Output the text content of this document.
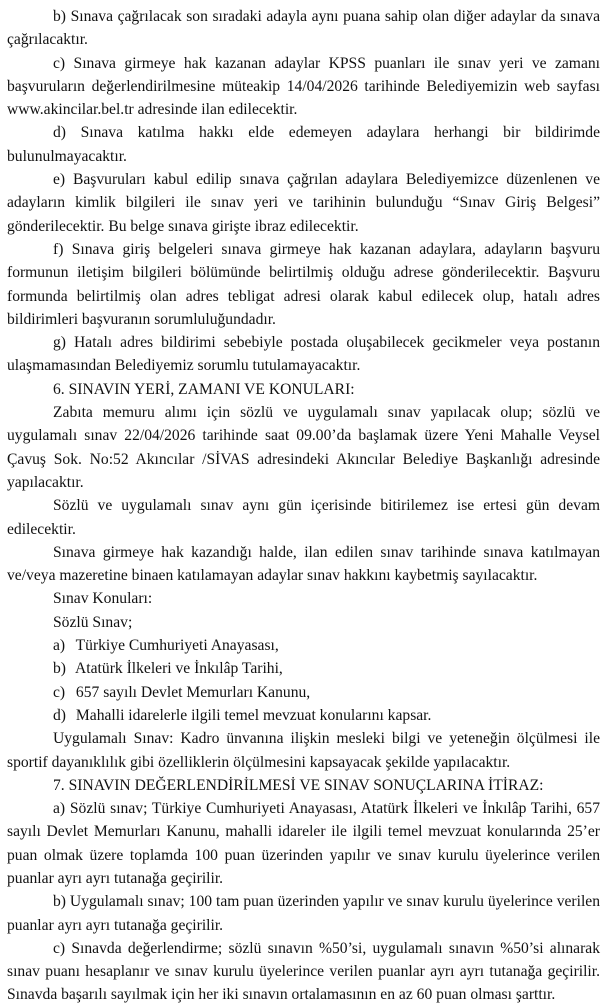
b) Sınava çağrılacak son sıradaki adayla aynı puana sahip olan diğer adaylar da sınava çağrılacaktır.

c) Sınava girmeye hak kazanan adaylar KPSS puanları ile sınav yeri ve zamanı başvuruların değerlendirilmesine müteakip 14/04/2026 tarihinde Belediyemizin web sayfası www.akincilar.bel.tr adresinde ilan edilecektir.

d) Sınava katılma hakkı elde edemeyen adaylara herhangi bir bildirimde bulunulmayacaktır.

e) Başvuruları kabul edilip sınava çağrılan adaylara Belediyemizce düzenlenen ve adayların kimlik bilgileri ile sınav yeri ve tarihinin bulunduğu “Sınav Giriş Belgesi” gönderilecektir. Bu belge sınava girişte ibraz edilecektir.

f) Sınava giriş belgeleri sınava girmeye hak kazanan adaylara, adayların başvuru formunun iletişim bilgileri bölümünde belirtilmiş olduğu adrese gönderilecektir. Başvuru formunda belirtilmiş olan adres tebligat adresi olarak kabul edilecek olup, hatalı adres bildirimleri başvuranın sorumluluğundadır.

g) Hatalı adres bildirimi sebebiyle postada oluşabilecek gecikmeler veya postanın ulaşmamasından Belediyemiz sorumlu tutulamayacaktır.

6. SINAVIN YERİ, ZAMANI VE KONULARI:

Zabıta memuru alımı için sözlü ve uygulamalı sınav yapılacak olup; sözlü ve uygulamalı sınav 22/04/2026 tarihinde saat 09.00’da başlamak üzere Yeni Mahalle Veysel Çavuş Sok. No:52 Akıncılar /SİVAS adresindeki Akıncılar Belediye Başkanlığı adresinde yapılacaktır.

Sözlü ve uygulamalı sınav aynı gün içerisinde bitirilemez ise ertesi gün devam edilecektir.

Sınava girmeye hak kazandığı halde, ilan edilen sınav tarihinde sınava katılmayan ve/veya mazeretine binaen katılamayan adaylar sınav hakkını kaybetmiş sayılacaktır.

Sınav Konuları:

Sözlü Sınav;

a) Türkiye Cumhuriyeti Anayasası,

b) Atatürk İlkeleri ve İnkılâp Tarihi,

c) 657 sayılı Devlet Memurları Kanunu,

d) Mahalli idarelerle ilgili temel mevzuat konularını kapsar.

Uygulamalı Sınav: Kadro ünvanına ilişkin mesleki bilgi ve yeteneğin ölçülmesi ile sportif dayanıklılık gibi özelliklerin ölçülmesini kapsayacak şekilde yapılacaktır.

7. SINAVIN DEĞERLENDİRİLMESİ VE SINAV SONUÇLARINA İTİRAZ:

a) Sözlü sınav; Türkiye Cumhuriyeti Anayasası, Atatürk İlkeleri ve İnkılâp Tarihi, 657 sayılı Devlet Memurları Kanunu, mahalli idareler ile ilgili temel mevzuat konularında 25’er puan olmak üzere toplamda 100 puan üzerinden yapılır ve sınav kurulu üyelerince verilen puanlar ayrı ayrı tutanağa geçirilir.

b) Uygulamalı sınav; 100 tam puan üzerinden yapılır ve sınav kurulu üyelerince verilen puanlar ayrı ayrı tutanağa geçirilir.

c) Sınavda değerlendirme; sözlü sınavın %50’si, uygulamalı sınavın %50’si alınarak sınav puanı hesaplanır ve sınav kurulu üyelerince verilen puanlar ayrı ayrı tutanağa geçirilir. Sınavda başarılı sayılmak için her iki sınavın ortalamasının en az 60 puan olması şarttır.
